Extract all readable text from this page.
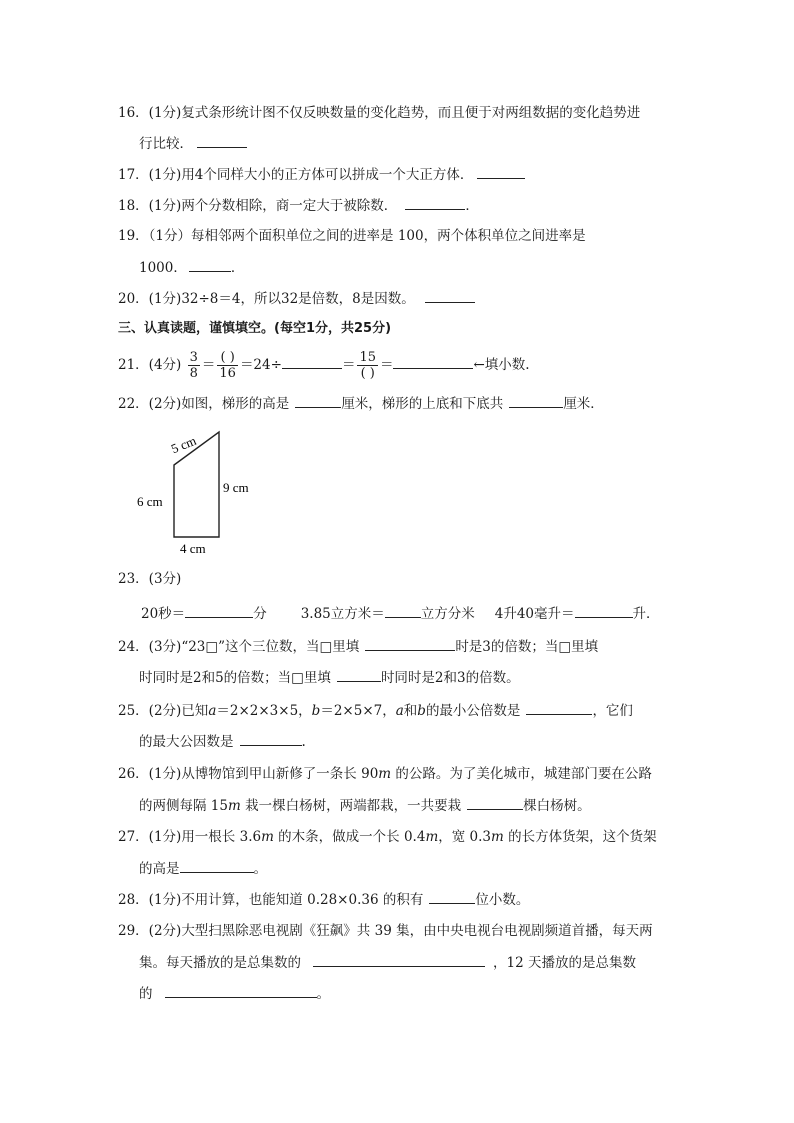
16．(1分)复式条形统计图不仅反映数量的变化趋势，而且便于对两组数据的变化趋势进
行比较．
17．(1分)用4个同样大小的正方体可以拼成一个大正方体．
18．(1分)两个分数相除，商一定大于被除数．	．
19．（1分）每相邻两个面积单位之间的进率是 100，两个体积单位之间进率是
1000．	．
20．(1分)32÷8＝4，所以32是倍数，8是因数。
三、认真读题，谨慎填空。(每空1分，共25分)
21．(4分) $\frac{3}{8} = \frac{( )}{16} =24\div$	＝ $\frac{15}{( )}$ ＝	←填小数.
22．(2分)如图，梯形的高是	厘米，梯形的上底和下底共	厘米．
5 cm
6 cm
9 cm
4 cm
23．(3分)
20秒＝	分	3.85立方米＝	立方分米 4升40毫升＝	升．
24．(3分)“23□”这个三位数，当□里填	时是3的倍数；当□里填
时同时是2和5的倍数；当□里填	时同时是2和3的倍数。
25．(2分)已知a＝2×2×3×5，b＝2×5×7，a和b的最小公倍数是	，它们
的最大公因数是	.
26．(1分)从博物馆到甲山新修了一条长 90m 的公路。为了美化城市，城建部门要在公路
的两侧每隔 15m 栽一棵白杨树，两端都栽，一共要栽	棵白杨树。
27．(1分)用一根长 3.6m 的木条，做成一个长 0.4m，宽 0.3m 的长方体货架，这个货架
的高是	。
28．(1分)不用计算，也能知道 0.28×0.36 的积有	位小数。
29．(2分)大型扫黑除恶电视剧《狂飙》共 39 集，由中央电视台电视剧频道首播，每天两
集。每天播放的是总集数的	，12 天播放的是总集数
的	。
